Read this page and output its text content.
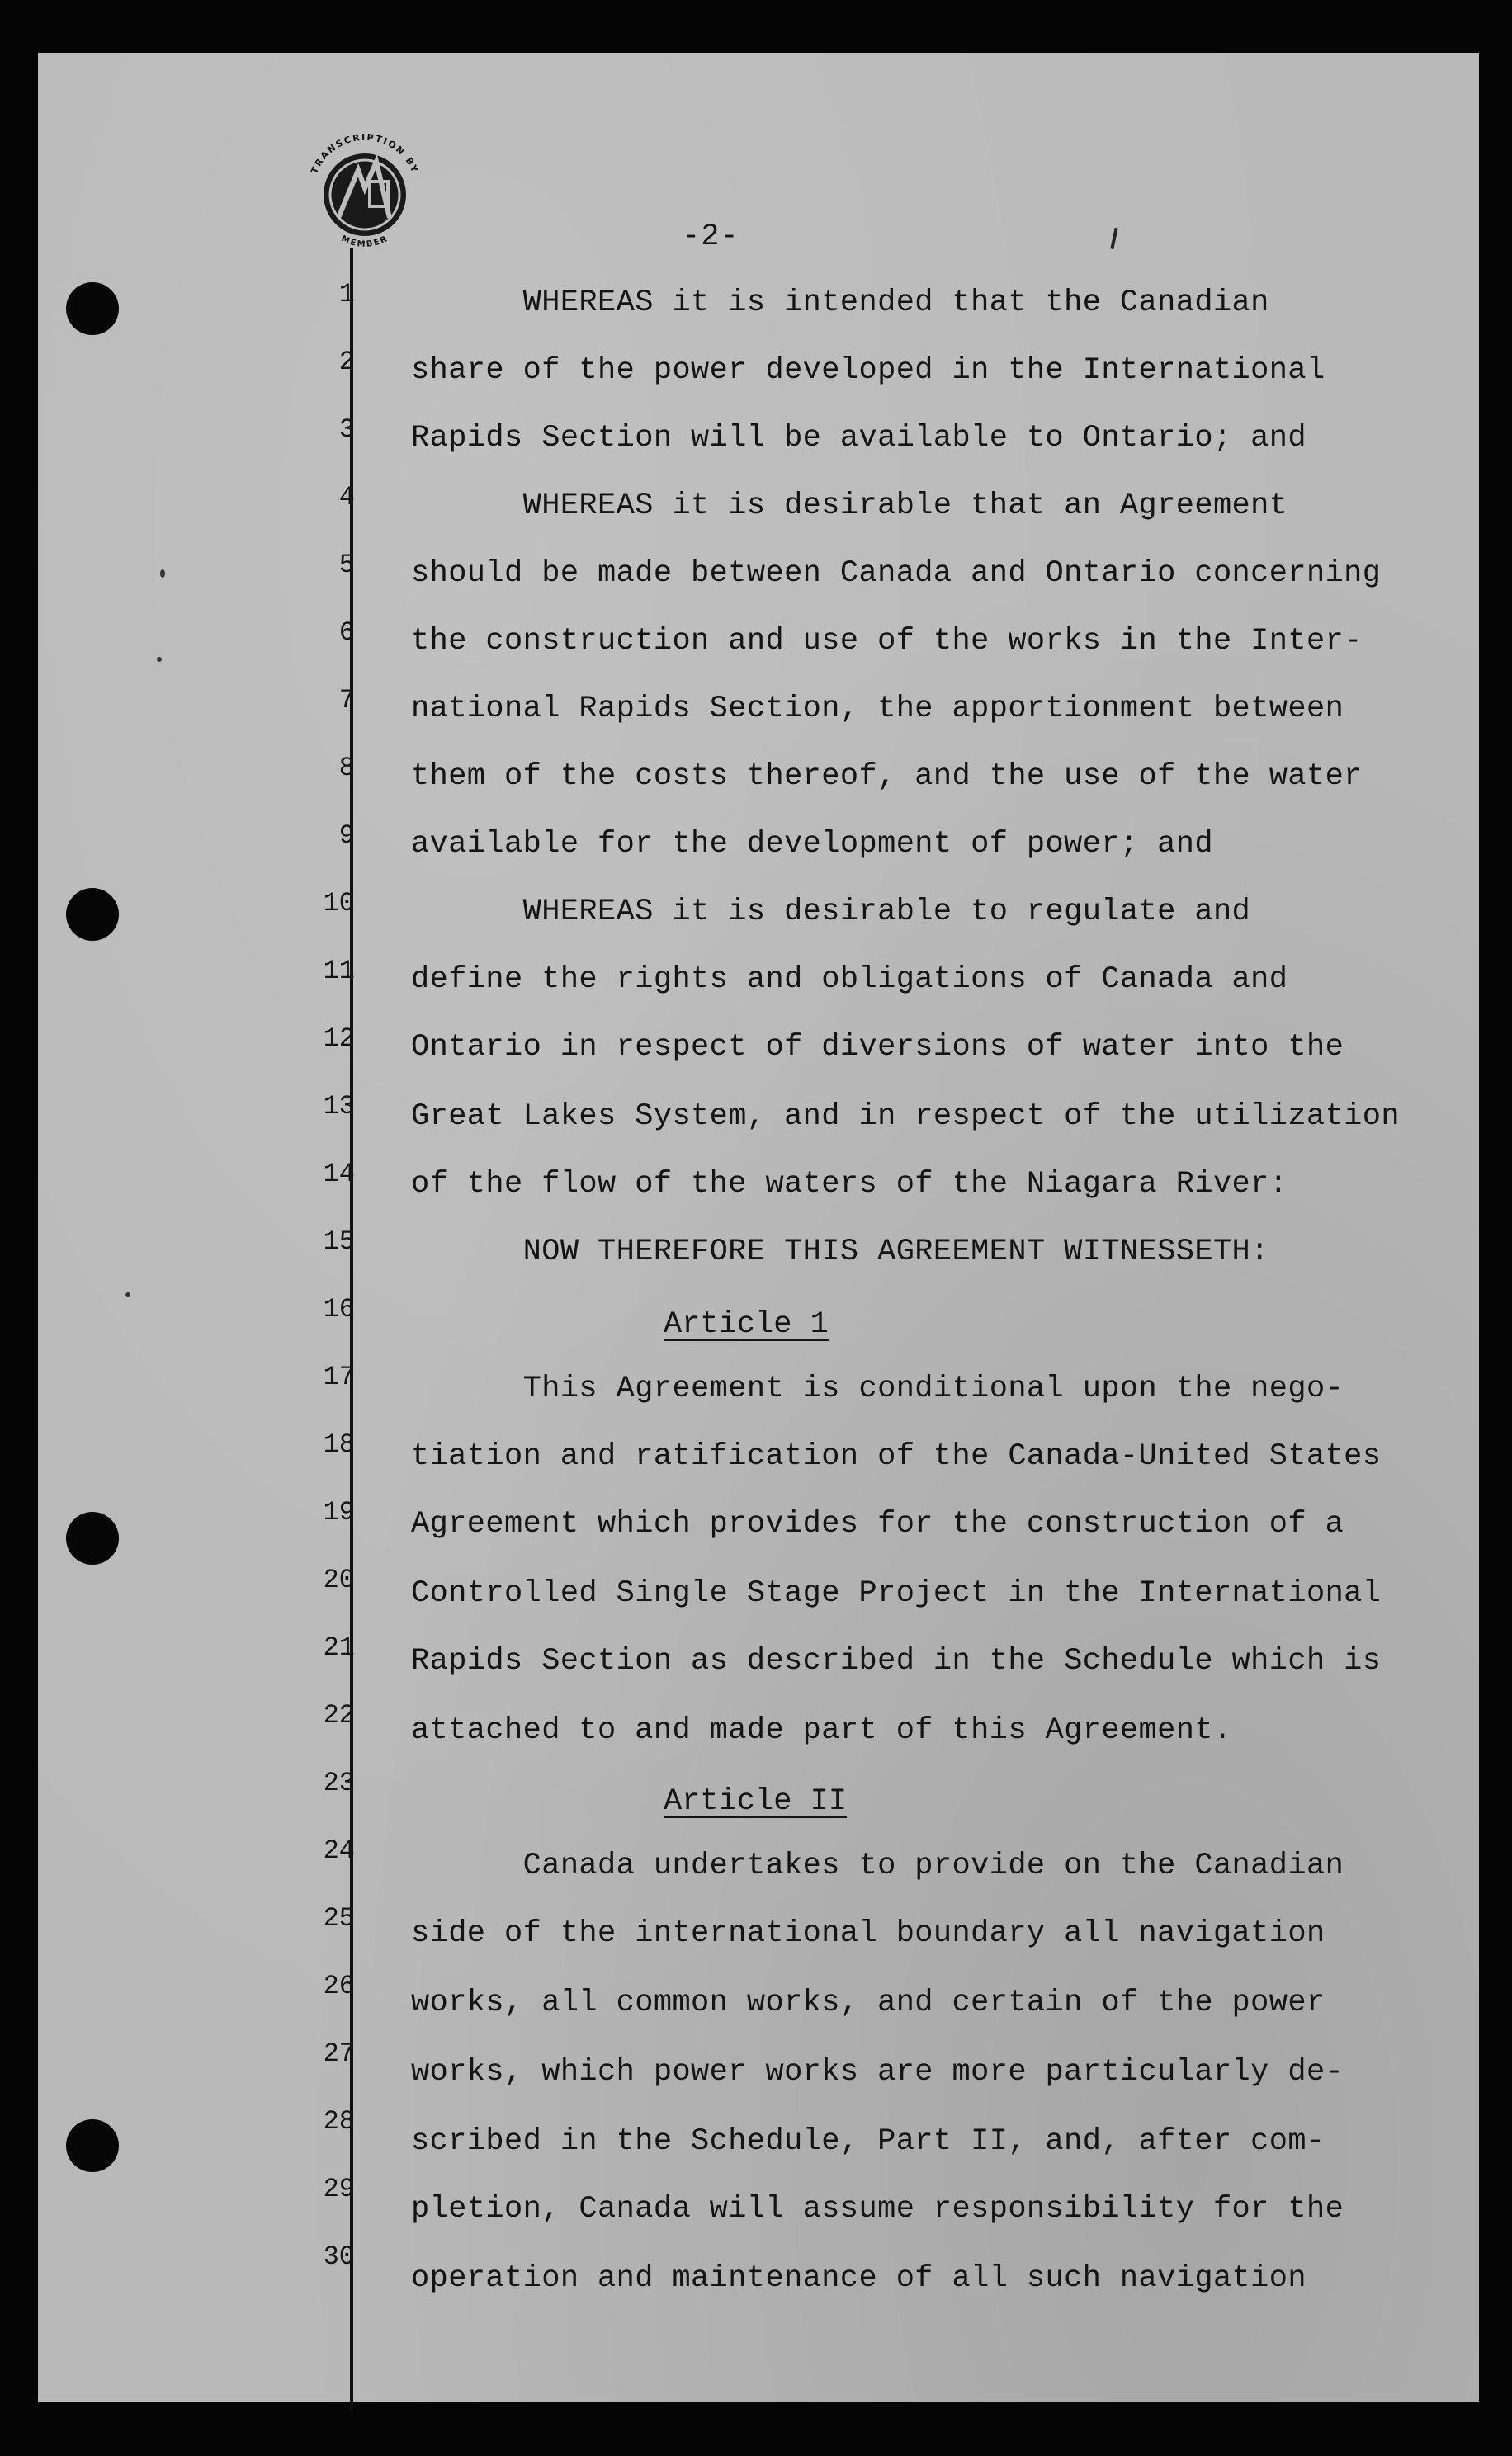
TRANSCRIPTION BY
MEMBER	-2-
1
2
3
4
5
6
7
8
9
10
11
12
13
14
15
16
17
18
19
20
21
22
23
24
25
26
27
28
29
30
WHEREAS it is intended that the Canadian
share of the power developed in the International
Rapids Section will be available to Ontario; and
WHEREAS it is desirable that an Agreement
should be made between Canada and Ontario concerning
the construction and use of the works in the Inter-
national Rapids Section, the apportionment between
them of the costs thereof, and the use of the water
available for the development of power; and
WHEREAS it is desirable to regulate and
define the rights and obligations of Canada and
Ontario in respect of diversions of water into the
Great Lakes System, and in respect of the utilization
of the flow of the waters of the Niagara River:
NOW THEREFORE THIS AGREEMENT WITNESSETH:
This Agreement is conditional upon the nego-
tiation and ratification of the Canada-United States
Agreement which provides for the construction of a
Controlled Single Stage Project in the International
Rapids Section as described in the Schedule which is
attached to and made part of this Agreement.
Canada undertakes to provide on the Canadian
side of the international boundary all navigation
works, all common works, and certain of the power
works, which power works are more particularly de-
scribed in the Schedule, Part II, and, after com-
pletion, Canada will assume responsibility for the
operation and maintenance of all such navigation
Article 1
Article II
